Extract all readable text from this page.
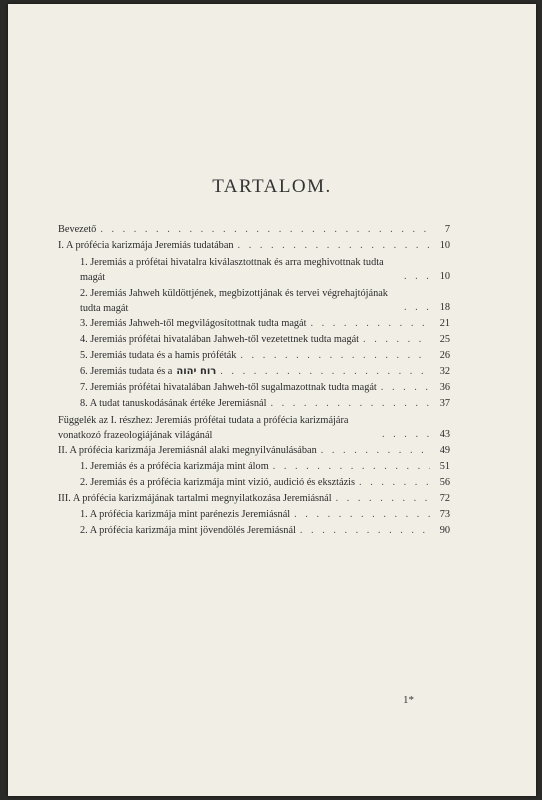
TARTALOM.
Bevezető . . .	7
I. A prófécia karizmája Jeremiás tudatában . . .	10
1. Jeremiás a prófétai hivatalra kiválasztottnak és arra meghivottnak tudta magát . . .	10
2. Jeremiás Jahweh küldöttjének, megbizottjának és tervei végrehajtójának tudta magát . . .	18
3. Jeremiás Jahweh-től megvilágosítottnak tudta magát . . .	21
4. Jeremiás prófétai hivatalában Jahweh-től vezetettnek tudta magát . . .	25
5. Jeremiás tudata és a hamis próféták . . .	26
6. Jeremiás tudata és a רוח יהוה . . .	32
7. Jeremiás prófétai hivatalában Jahweh-től sugalmazottnak tudta magát . . .	36
8. A tudat tanuskodásának értéke Jeremiásnál . . .	37
Függelék az I. részhez: Jeremiás prófétai tudata a prófécia karizmájára vonatkozó frazeologiájának világánál . . .	43
II. A prófécia karizmája Jeremiásnál alaki megnyilvánulásában . . .	49
1. Jeremiás és a prófécia karizmája mint álom . . .	51
2. Jeremiás és a prófécia karizmája mint vizió, audició és eksztázis . . .	56
III. A prófécia karizmájának tartalmi megnyilatkozása Jeremiásnál . . .	72
1. A prófécia karizmája mint parénezis Jeremiásnál . . .	73
2. A prófécia karizmája mint jövendölés Jeremiásnál . . .	90
1*
